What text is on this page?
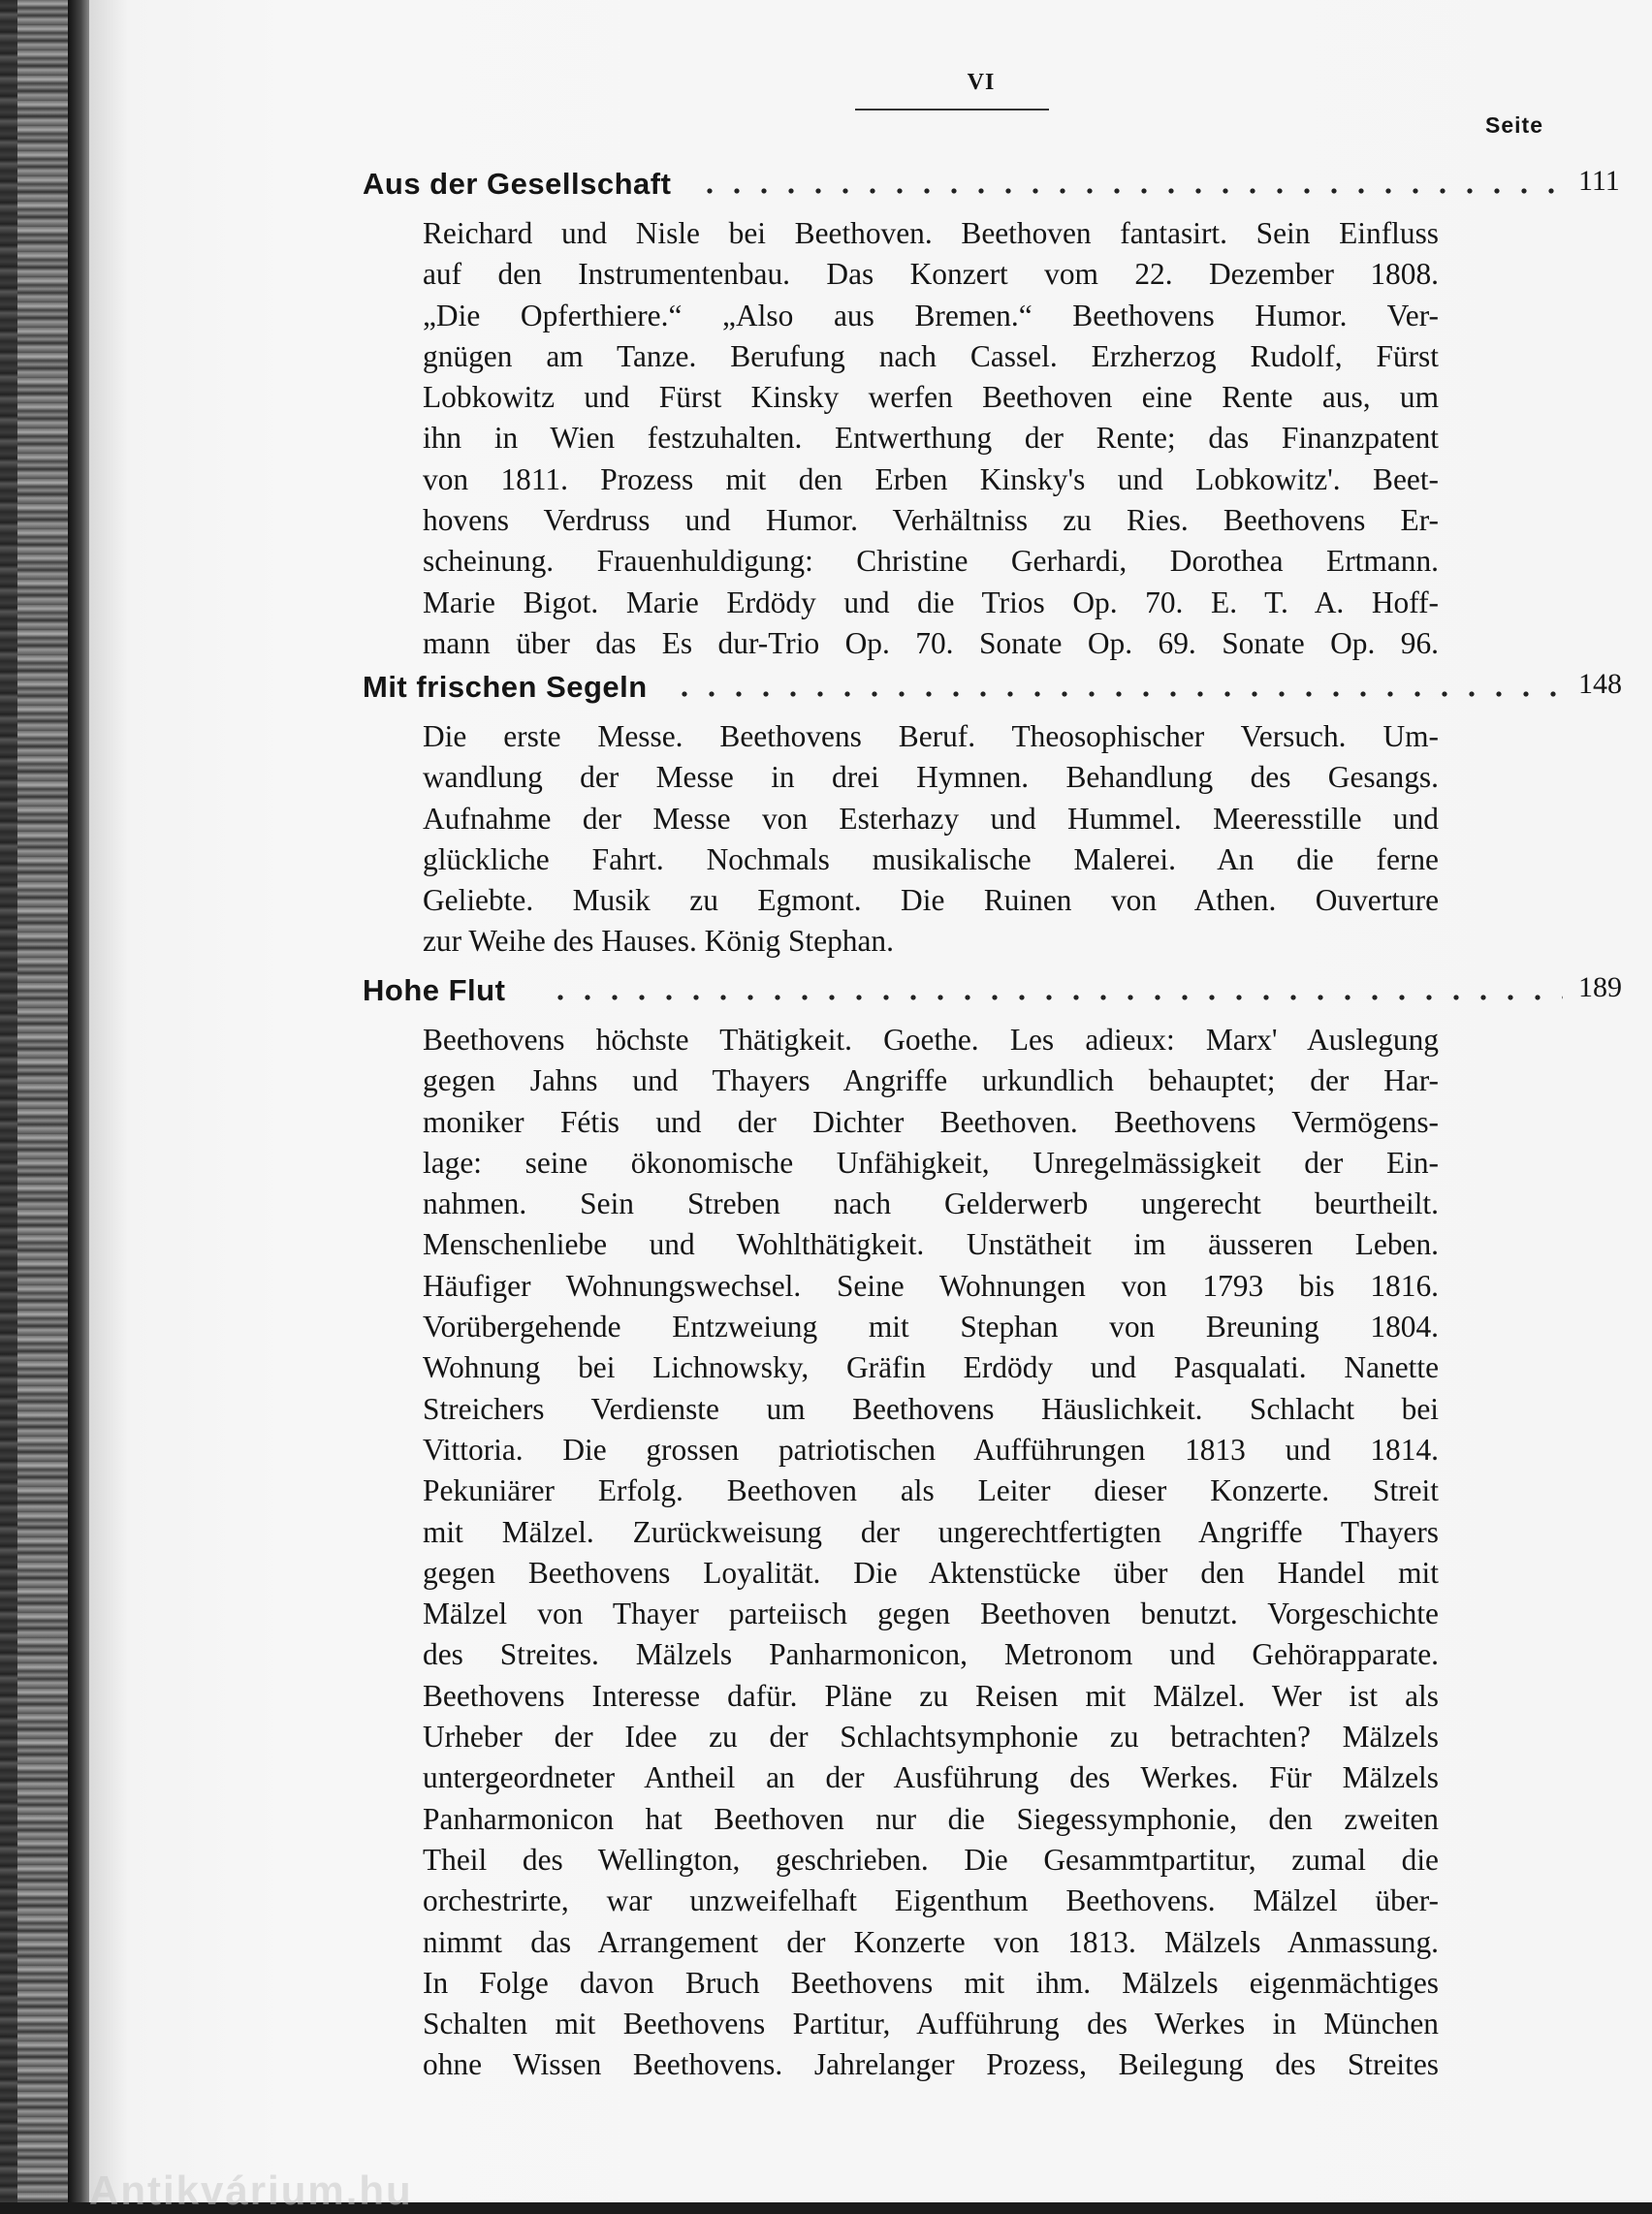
VI
Seite
Aus der Gesellschaft	111
Reichard und Nisle bei Beethoven. Beethoven fantasirt. Sein Einfluss
auf den Instrumentenbau. Das Konzert vom 22. Dezember 1808.
„Die Opferthiere.“ „Also aus Bremen.“ Beethovens Humor. Ver-
gnügen am Tanze. Berufung nach Cassel. Erzherzog Rudolf, Fürst
Lobkowitz und Fürst Kinsky werfen Beethoven eine Rente aus, um
ihn in Wien festzuhalten. Entwerthung der Rente; das Finanzpatent
von 1811. Prozess mit den Erben Kinsky's und Lobkowitz'. Beet-
hovens Verdruss und Humor. Verhältniss zu Ries. Beethovens Er-
scheinung. Frauenhuldigung: Christine Gerhardi, Dorothea Ertmann.
Marie Bigot. Marie Erdödy und die Trios Op. 70. E. T. A. Hoff-
mann über das Es dur-Trio Op. 70. Sonate Op. 69. Sonate Op. 96.
Mit frischen Segeln	148
Die erste Messe. Beethovens Beruf. Theosophischer Versuch. Um-
wandlung der Messe in drei Hymnen. Behandlung des Gesangs.
Aufnahme der Messe von Esterhazy und Hummel. Meeresstille und
glückliche Fahrt. Nochmals musikalische Malerei. An die ferne
Geliebte. Musik zu Egmont. Die Ruinen von Athen. Ouverture
zur Weihe des Hauses. König Stephan.
Hohe Flut	189
Beethovens höchste Thätigkeit. Goethe. Les adieux: Marx' Auslegung
gegen Jahns und Thayers Angriffe urkundlich behauptet; der Har-
moniker Fétis und der Dichter Beethoven. Beethovens Vermögens-
lage: seine ökonomische Unfähigkeit, Unregelmässigkeit der Ein-
nahmen. Sein Streben nach Gelderwerb ungerecht beurtheilt.
Menschenliebe und Wohlthätigkeit. Unstätheit im äusseren Leben.
Häufiger Wohnungswechsel. Seine Wohnungen von 1793 bis 1816.
Vorübergehende Entzweiung mit Stephan von Breuning 1804.
Wohnung bei Lichnowsky, Gräfin Erdödy und Pasqualati. Nanette
Streichers Verdienste um Beethovens Häuslichkeit. Schlacht bei
Vittoria. Die grossen patriotischen Aufführungen 1813 und 1814.
Pekuniärer Erfolg. Beethoven als Leiter dieser Konzerte. Streit
mit Mälzel. Zurückweisung der ungerechtfertigten Angriffe Thayers
gegen Beethovens Loyalität. Die Aktenstücke über den Handel mit
Mälzel von Thayer parteiisch gegen Beethoven benutzt. Vorgeschichte
des Streites. Mälzels Panharmonicon, Metronom und Gehörapparate.
Beethovens Interesse dafür. Pläne zu Reisen mit Mälzel. Wer ist als
Urheber der Idee zu der Schlachtsymphonie zu betrachten? Mälzels
untergeordneter Antheil an der Ausführung des Werkes. Für Mälzels
Panharmonicon hat Beethoven nur die Siegessymphonie, den zweiten
Theil des Wellington, geschrieben. Die Gesammtpartitur, zumal die
orchestrirte, war unzweifelhaft Eigenthum Beethovens. Mälzel über-
nimmt das Arrangement der Konzerte von 1813. Mälzels Anmassung.
In Folge davon Bruch Beethovens mit ihm. Mälzels eigenmächtiges
Schalten mit Beethovens Partitur, Aufführung des Werkes in München
ohne Wissen Beethovens. Jahrelanger Prozess, Beilegung des Streites
Antikvárium.hu
